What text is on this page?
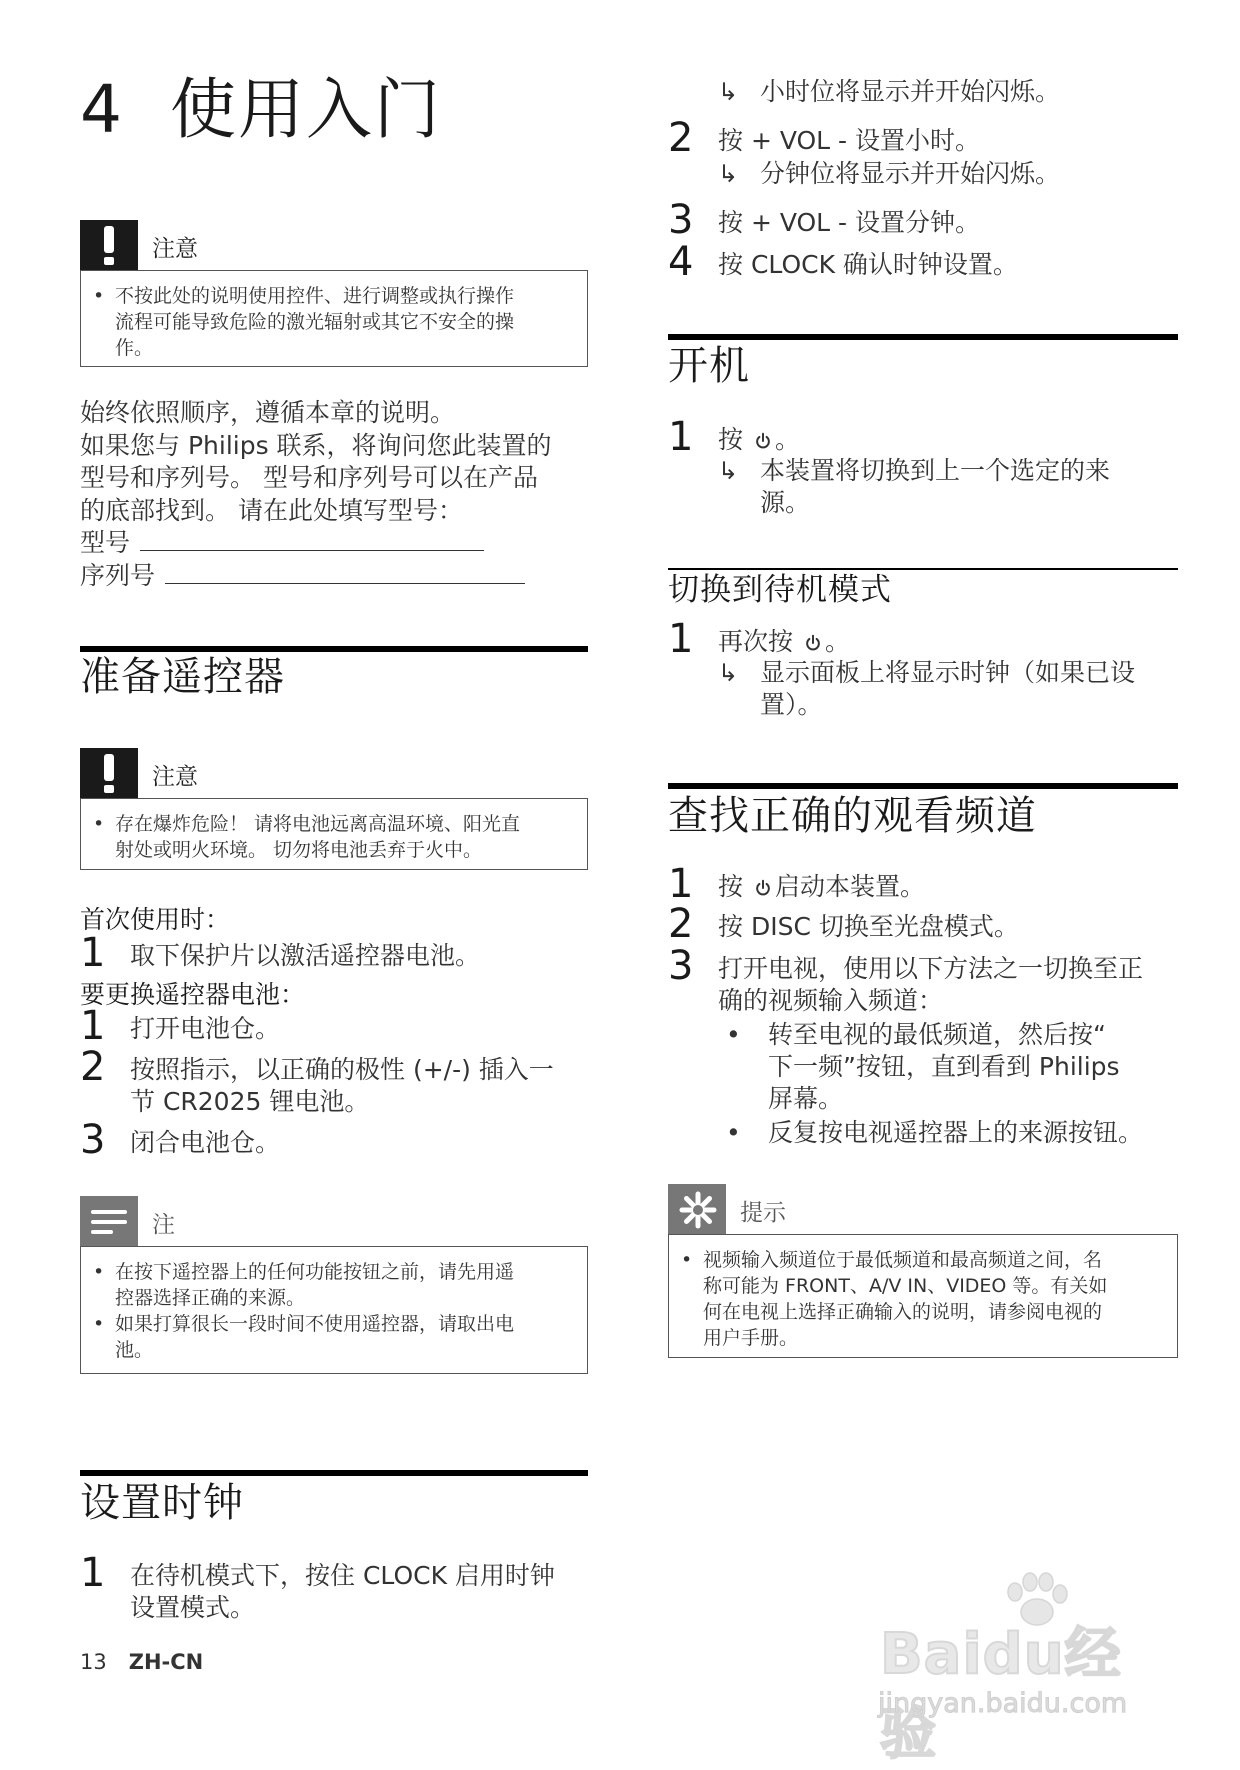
4 使用入门
注意
• 不按此处的说明使用控件、进行调整或执行操作
流程可能导致危险的激光辐射或其它不安全的操
作。
始终依照顺序，遵循本章的说明。
如果您与 Philips 联系，将询问您此装置的
型号和序列号。 型号和序列号可以在产品
的底部找到。 请在此处填写型号：
型号
序列号
准备遥控器
注意
• 存在爆炸危险！ 请将电池远离高温环境、阳光直
射处或明火环境。 切勿将电池丢弃于火中。
首次使用时：
1 取下保护片以激活遥控器电池。
要更换遥控器电池：
1 打开电池仓。
2 按照指示，以正确的极性 (+/-) 插入一
节 CR2025 锂电池。
3 闭合电池仓。
注
• 在按下遥控器上的任何功能按钮之前，请先用遥
控器选择正确的来源。
• 如果打算很长一段时间不使用遥控器，请取出电
池。
设置时钟
1 在待机模式下，按住 CLOCK 启用时钟
设置模式。
↳ 小时位将显示并开始闪烁。
2 按 + VOL - 设置小时。
↳ 分钟位将显示并开始闪烁。
3 按 + VOL - 设置分钟。
4 按 CLOCK 确认时钟设置。
开机
1 按 。
↳ 本装置将切换到上一个选定的来
源。
切换到待机模式
1 再次按 。
↳ 显示面板上将显示时钟（如果已设
置）。
查找正确的观看频道
1 按 启动本装置。
2 按 DISC 切换至光盘模式。
3 打开电视，使用以下方法之一切换至正
确的视频输入频道：
• 转至电视的最低频道，然后按“
下一频”按钮，直到看到 Philips
屏幕。
• 反复按电视遥控器上的来源按钮。
提示
• 视频输入频道位于最低频道和最高频道之间，名
称可能为 FRONT、A/V IN、VIDEO 等。有关如
何在电视上选择正确输入的说明，请参阅电视的
用户手册。
13 ZH-CN	Baidu经验
jingyan.baidu.com
